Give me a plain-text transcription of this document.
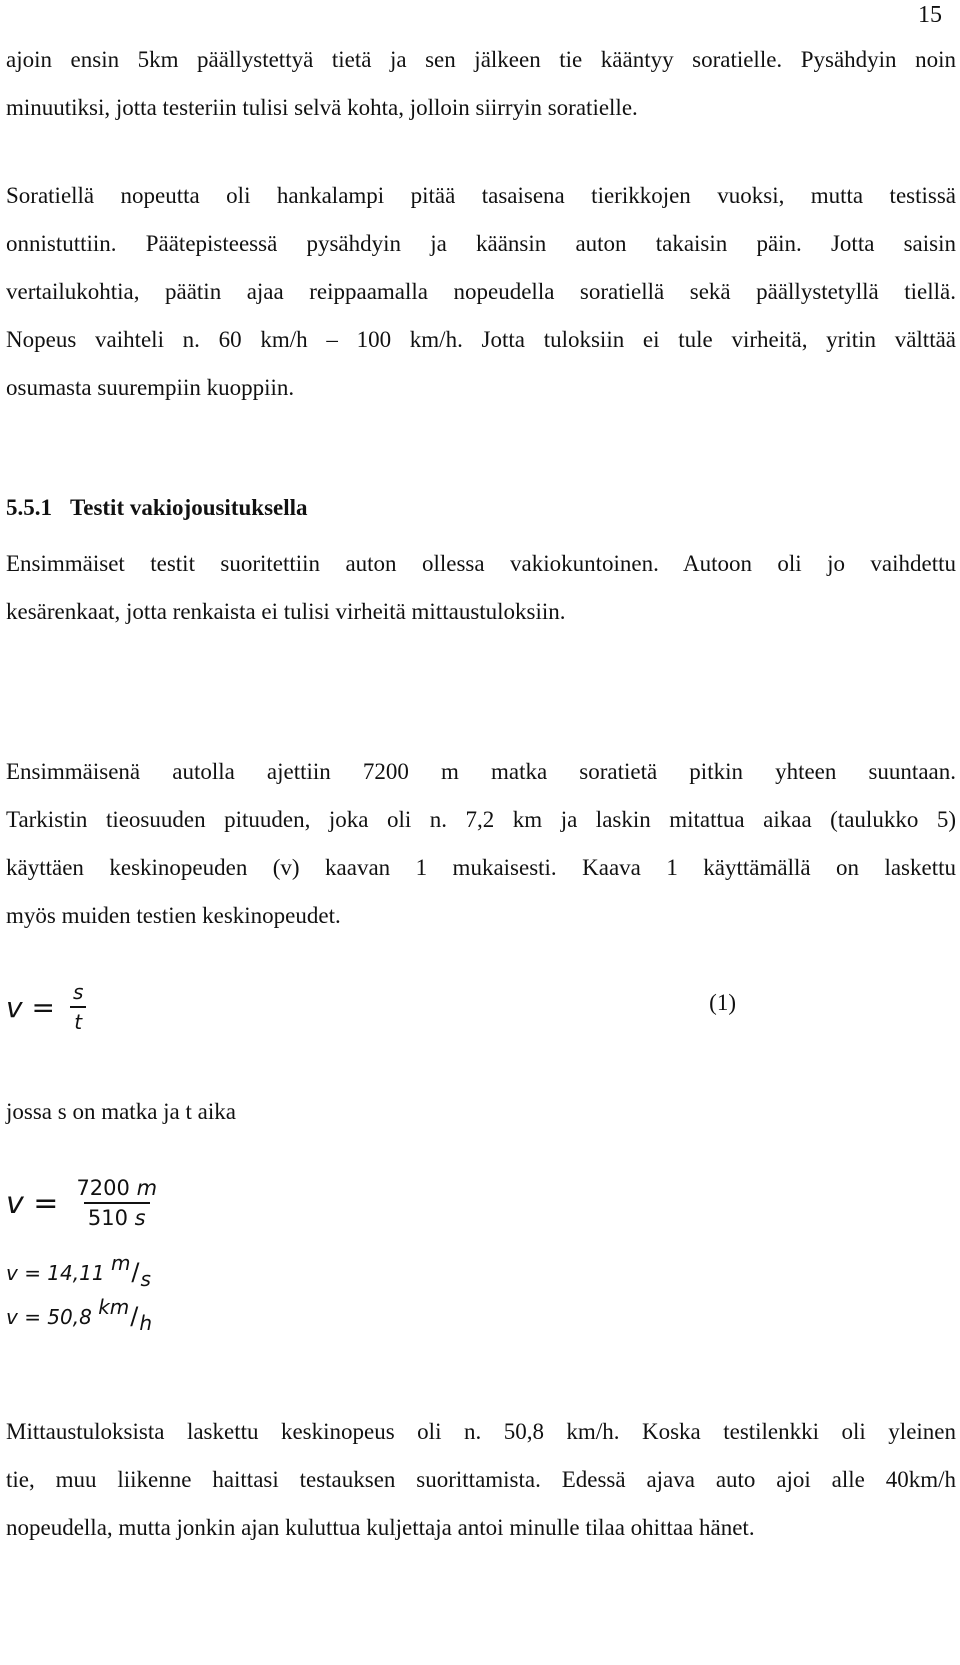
15
ajoin ensin 5km päällystettyä tietä ja sen jälkeen tie kääntyy soratielle. Pysähdyin noin
minuutiksi, jotta testeriin tulisi selvä kohta, jolloin siirryin soratielle.
Soratiellä nopeutta oli hankalampi pitää tasaisena tierikkojen vuoksi, mutta testissä
onnistuttiin. Päätepisteessä pysähdyin ja käänsin auton takaisin päin. Jotta saisin
vertailukohtia, päätin ajaa reippaamalla nopeudella soratiellä sekä päällystetyllä tiellä.
Nopeus vaihteli n. 60 km/h – 100 km/h. Jotta tuloksiin ei tule virheitä, yritin välttää
osumasta suurempiin kuoppiin.
5.5.1 Testit vakiojousituksella
Ensimmäiset testit suoritettiin auton ollessa vakiokuntoinen. Autoon oli jo vaihdettu
kesärenkaat, jotta renkaista ei tulisi virheitä mittaustuloksiin.
Ensimmäisenä autolla ajettiin 7200 m matka soratietä pitkin yhteen suuntaan.
Tarkistin tieosuuden pituuden, joka oli n. 7,2 km ja laskin mitattua aikaa (taulukko 5)
käyttäen keskinopeuden (v) kaavan 1 mukaisesti. Kaava 1 käyttämällä on laskettu
myös muiden testien keskinopeudet.
$v = \frac{s}{t}$	(1)

jossa s on matka ja t aika

$v = \frac{7200 m}{510 s}$
v = 14,11 m/s
v = 50,8 km/h
Mittaustuloksista laskettu keskinopeus oli n. 50,8 km/h. Koska testilenkki oli yleinen
tie, muu liikenne haittasi testauksen suorittamista. Edessä ajava auto ajoi alle 40km/h
nopeudella, mutta jonkin ajan kuluttua kuljettaja antoi minulle tilaa ohittaa hänet.
